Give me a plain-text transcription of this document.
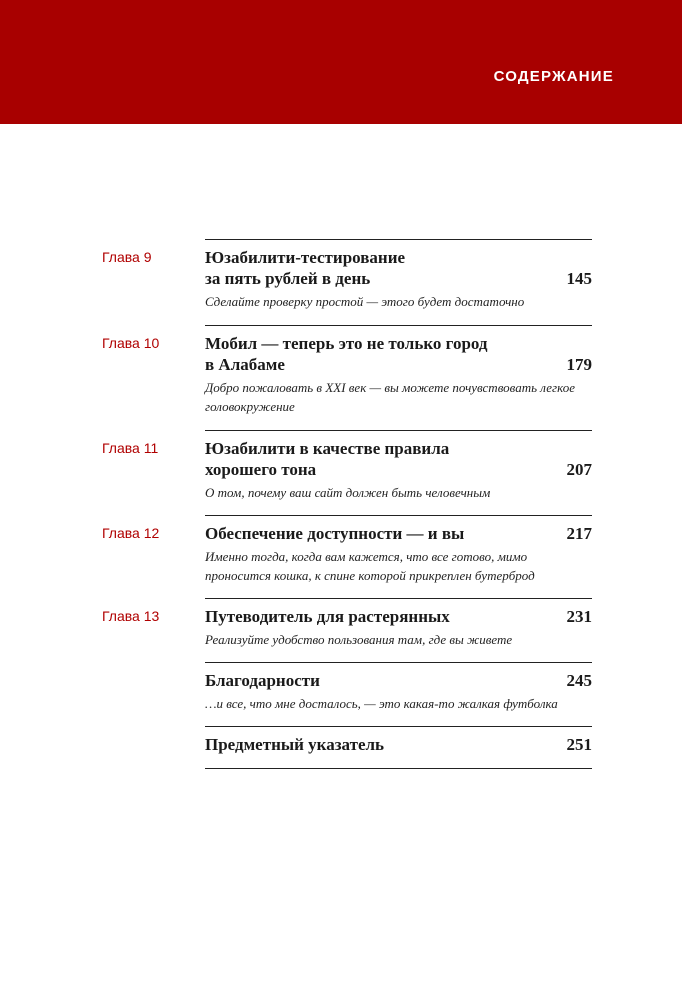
СОДЕРЖАНИЕ
Глава 9	Юзабилити-тестирование
за пять рублей в день	145
Сделайте проверку простой — этого будет достаточно
Глава 10	Мобил — теперь это не только город
в Алабаме	179
Добро пожаловать в XXI век — вы можете почувствовать легкое
головокружение
Глава 11	Юзабилити в качестве правила
хорошего тона	207
О том, почему ваш сайт должен быть человечным
Глава 12	Обеспечение доступности — и вы	217
Именно тогда, когда вам кажется, что все готово, мимо
проносится кошка, к спине которой прикреплен бутерброд
Глава 13	Путеводитель для растерянных	231
Реализуйте удобство пользования там, где вы живете
Благодарности	245
…и все, что мне досталось, — это какая-то жалкая футболка
Предметный указатель	251
